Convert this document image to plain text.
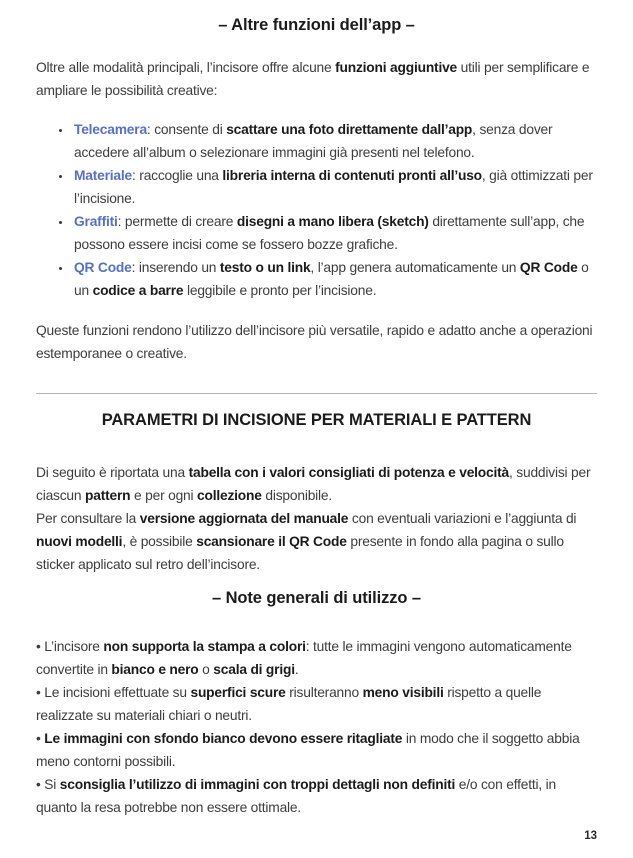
– Altre funzioni dell’app –

Oltre alle modalità principali, l’incisore offre alcune funzioni aggiuntive utili per semplificare e ampliare le possibilità creative:

• Telecamera: consente di scattare una foto direttamente dall’app, senza dover accedere all’album o selezionare immagini già presenti nel telefono.
• Materiale: raccoglie una libreria interna di contenuti pronti all’uso, già ottimizzati per l’incisione.
• Graffiti: permette di creare disegni a mano libera (sketch) direttamente sull’app, che possono essere incisi come se fossero bozze grafiche.
• QR Code: inserendo un testo o un link, l’app genera automaticamente un QR Code o un codice a barre leggibile e pronto per l’incisione.

Queste funzioni rendono l’utilizzo dell’incisore più versatile, rapido e adatto anche a operazioni estemporanee o creative.

PARAMETRI DI INCISIONE PER MATERIALI E PATTERN

Di seguito è riportata una tabella con i valori consigliati di potenza e velocità, suddivisi per ciascun pattern e per ogni collezione disponibile.
Per consultare la versione aggiornata del manuale con eventuali variazioni e l’aggiunta di nuovi modelli, è possibile scansionare il QR Code presente in fondo alla pagina o sullo sticker applicato sul retro dell’incisore.

– Note generali di utilizzo –

• L’incisore non supporta la stampa a colori: tutte le immagini vengono automaticamente convertite in bianco e nero o scala di grigi.

• Le incisioni effettuate su superfici scure risulteranno meno visibili rispetto a quelle realizzate su materiali chiari o neutri.

• Le immagini con sfondo bianco devono essere ritagliate in modo che il soggetto abbia meno contorni possibili.

• Si sconsiglia l’utilizzo di immagini con troppi dettagli non definiti e/o con effetti, in quanto la resa potrebbe non essere ottimale.

13
